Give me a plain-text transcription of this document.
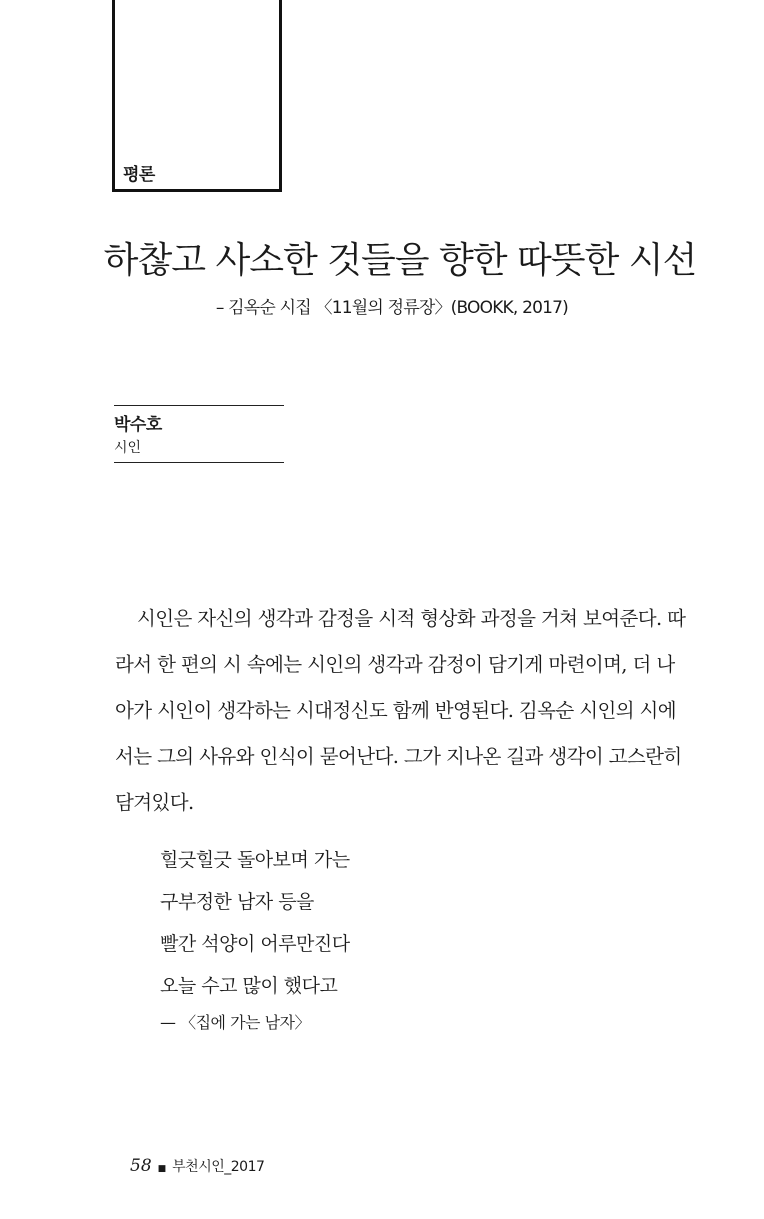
평론
하찮고 사소한 것들을 향한 따뜻한 시선
– 김옥순 시집 〈11월의 정류장〉(BOOKK, 2017)
박수호
시인
시인은 자신의 생각과 감정을 시적 형상화 과정을 거쳐 보여준다. 따
라서 한 편의 시 속에는 시인의 생각과 감정이 담기게 마련이며, 더 나
아가 시인이 생각하는 시대정신도 함께 반영된다. 김옥순 시인의 시에
서는 그의 사유와 인식이 묻어난다. 그가 지나온 길과 생각이 고스란히
담겨있다.
힐긋힐긋 돌아보며 가는
구부정한 남자 등을
빨간 석양이 어루만진다
오늘 수고 많이 했다고
— 〈집에 가는 남자〉
58 ■ 부천시인_2017
